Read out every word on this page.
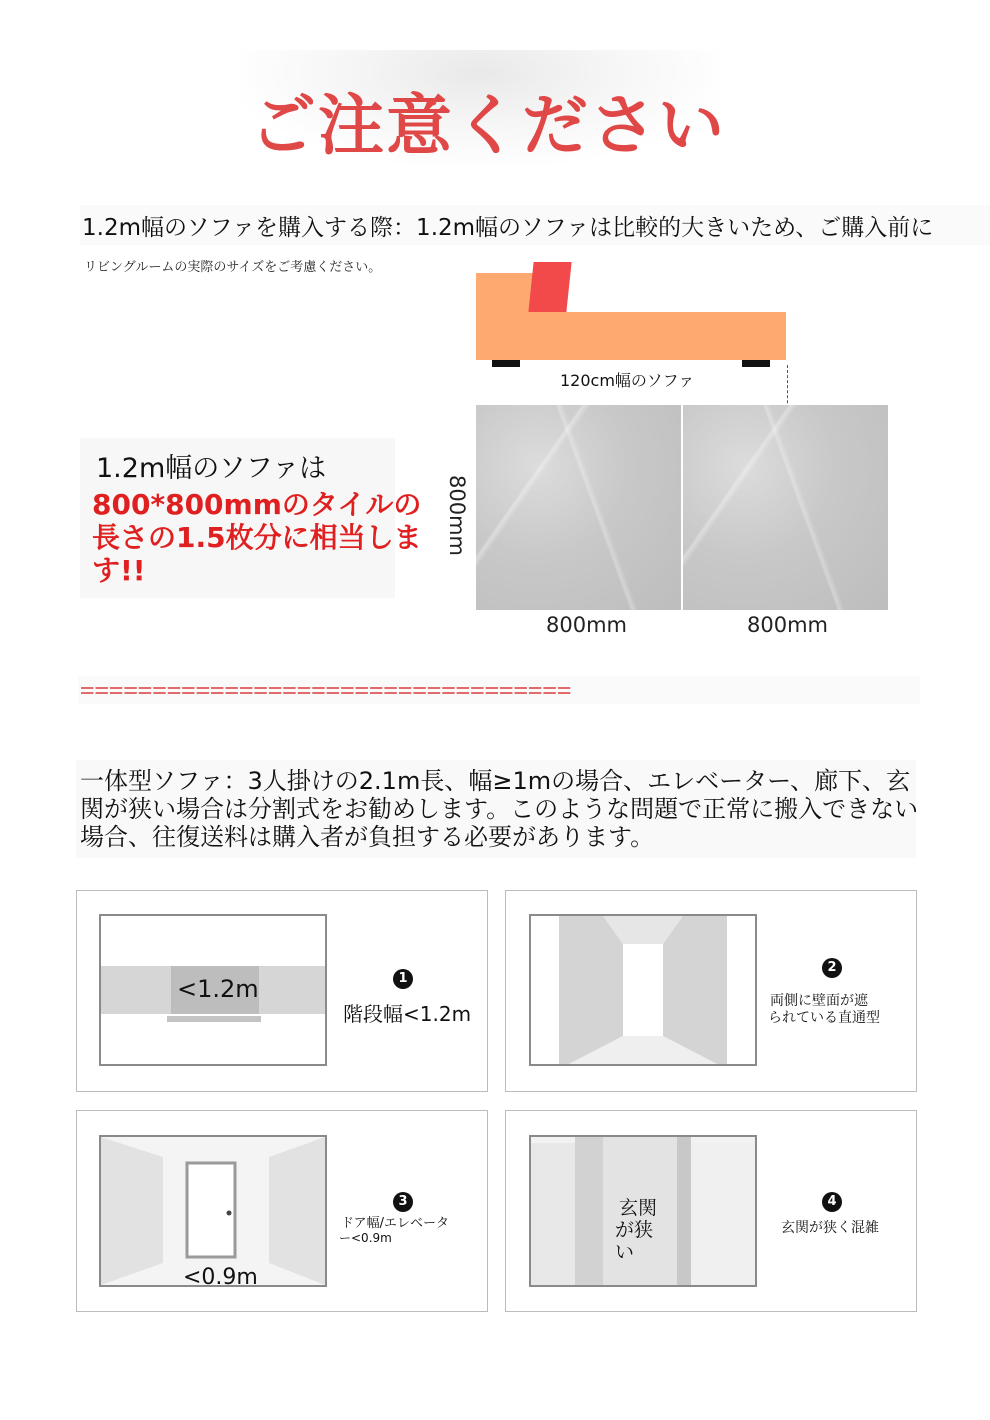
ご注意ください
1.2m幅のソファを購入する際：1.2m幅のソファは比較的大きいため、ご購入前に
リビングルームの実際のサイズをご考慮ください。
1.2m幅のソファは
800*800mmのタイルの長さの1.5枚分に相当します!!
120cm幅のソファ
800mm
800mm	800mm
==================================
一体型ソファ：3人掛けの2.1m長、幅≥1mの場合、エレベーター、廊下、玄関が狭い場合は分割式をお勧めします。このような問題で正常に搬入できない場合、往復送料は購入者が負担する必要があります。
<1.2m	1
階段幅<1.2m
2
両側に壁面が遮
られている直通型
<0.9m
3
ドア幅/エレベータ
ー<0.9m
玄関
が狭
い
4
玄関が狭く混雑
